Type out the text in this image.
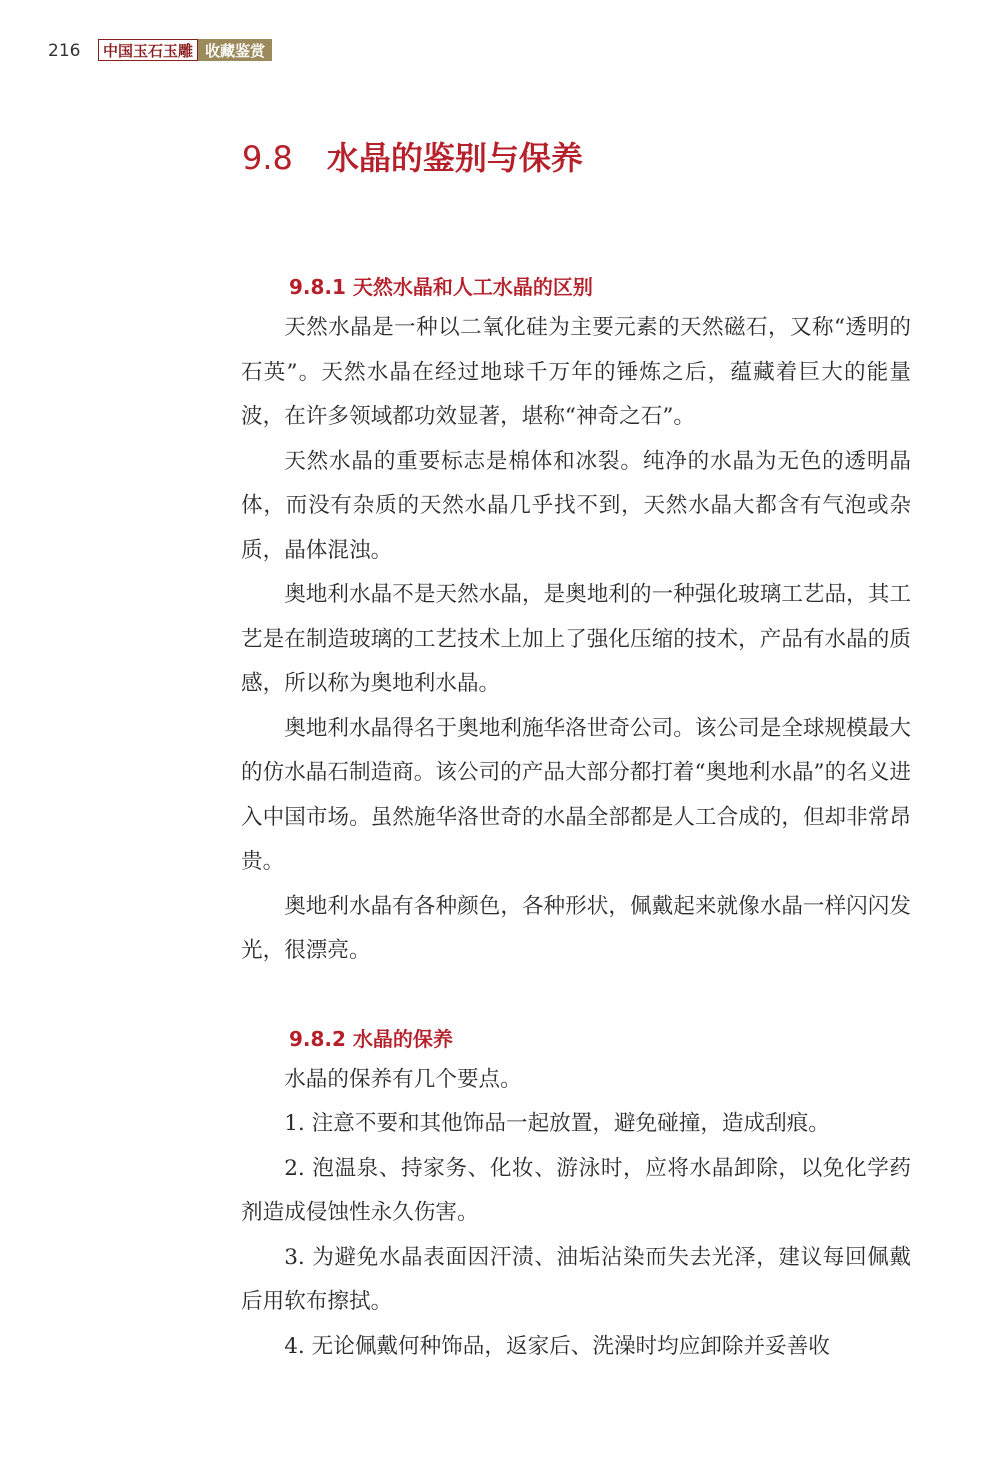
216	中国玉石玉雕 收藏鉴赏
9.8 水晶的鉴别与保养
9.8.1 天然水晶和人工水晶的区别

天然水晶是一种以二氧化硅为主要元素的天然磁石，又称“透明的石英”。天然水晶在经过地球千万年的锤炼之后，蕴藏着巨大的能量波，在许多领域都功效显著，堪称“神奇之石”。

天然水晶的重要标志是棉体和冰裂。纯净的水晶为无色的透明晶体，而没有杂质的天然水晶几乎找不到，天然水晶大都含有气泡或杂质，晶体混浊。

奥地利水晶不是天然水晶，是奥地利的一种强化玻璃工艺品，其工艺是在制造玻璃的工艺技术上加上了强化压缩的技术，产品有水晶的质感，所以称为奥地利水晶。

奥地利水晶得名于奥地利施华洛世奇公司。该公司是全球规模最大的仿水晶石制造商。该公司的产品大部分都打着“奥地利水晶”的名义进入中国市场。虽然施华洛世奇的水晶全部都是人工合成的，但却非常昂贵。

奥地利水晶有各种颜色，各种形状，佩戴起来就像水晶一样闪闪发光，很漂亮。

9.8.2 水晶的保养

水晶的保养有几个要点。

1. 注意不要和其他饰品一起放置，避免碰撞，造成刮痕。

2. 泡温泉、持家务、化妆、游泳时，应将水晶卸除，以免化学药剂造成侵蚀性永久伤害。

3. 为避免水晶表面因汗渍、油垢沾染而失去光泽，建议每回佩戴后用软布擦拭。

4. 无论佩戴何种饰品，返家后、洗澡时均应卸除并妥善收
